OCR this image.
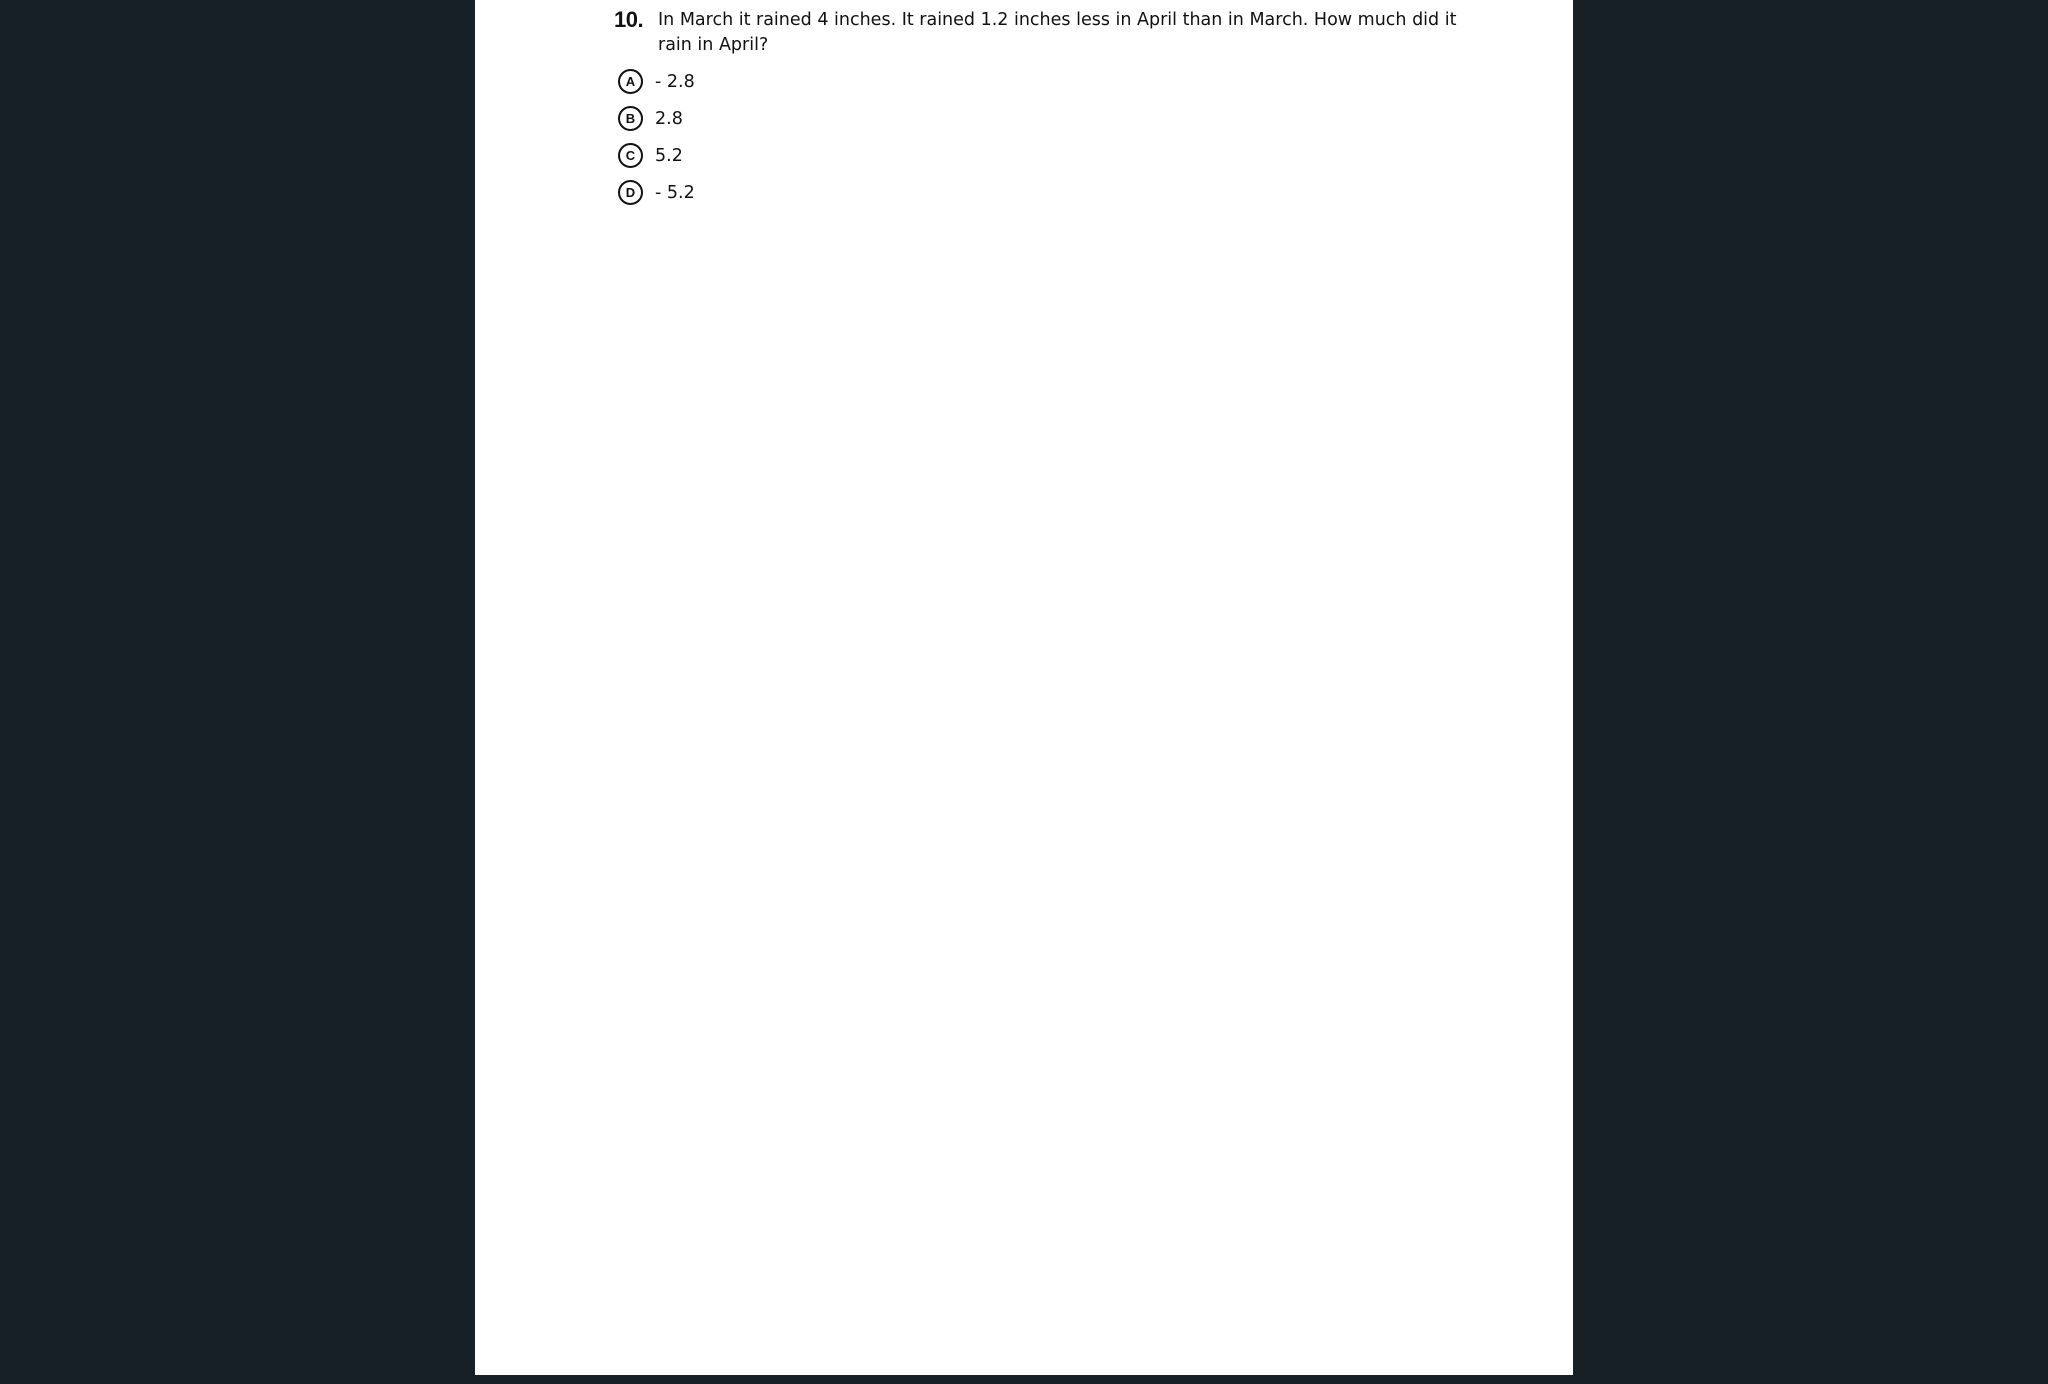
10. In March it rained 4 inches. It rained 1.2 inches less in April than in March. How much did it rain in April?
A	- 2.8
B	2.8
C	5.2
D	- 5.2
